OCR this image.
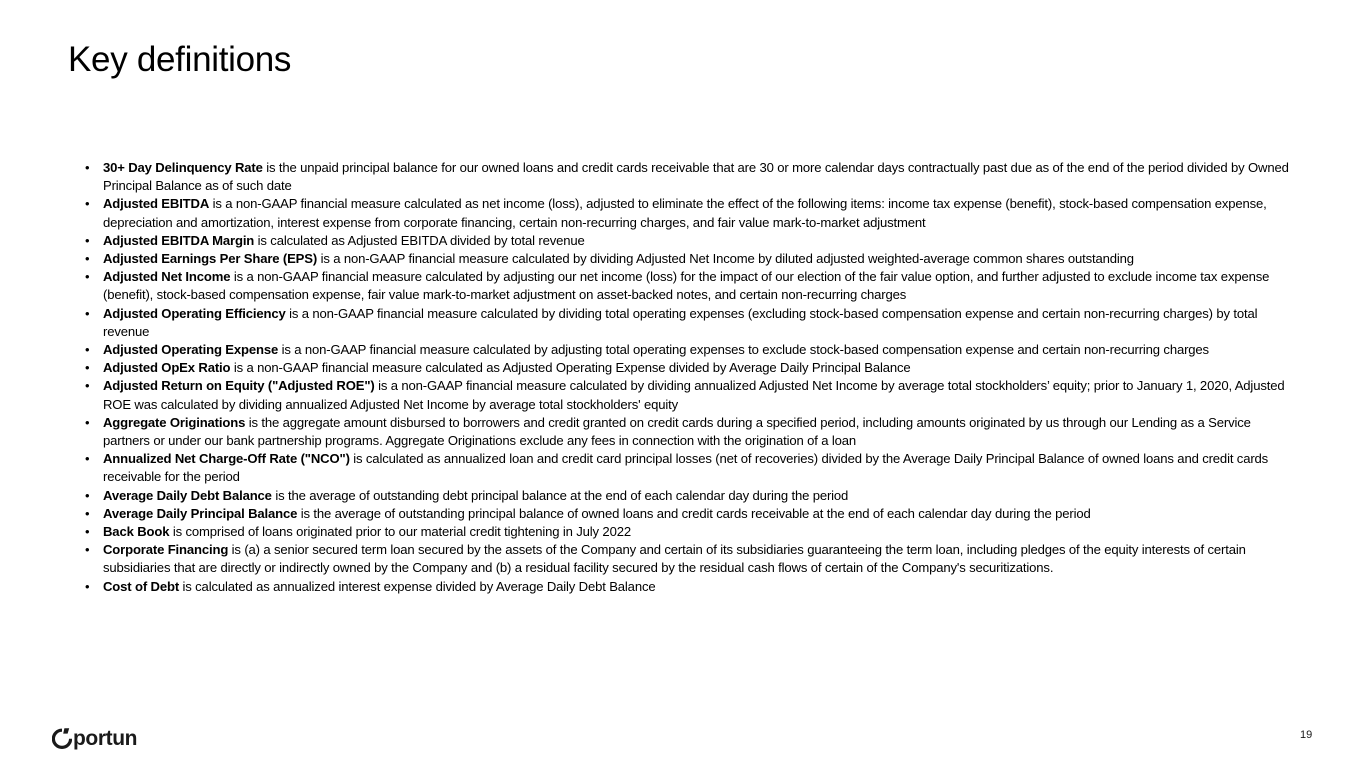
Key definitions
• 30+ Day Delinquency Rate is the unpaid principal balance for our owned loans and credit cards receivable that are 30 or more calendar days contractually past due as of the end of the period divided by Owned Principal Balance as of such date
• Adjusted EBITDA is a non-GAAP financial measure calculated as net income (loss), adjusted to eliminate the effect of the following items: income tax expense (benefit), stock-based compensation expense, depreciation and amortization, interest expense from corporate financing, certain non-recurring charges, and fair value mark-to-market adjustment
• Adjusted EBITDA Margin is calculated as Adjusted EBITDA divided by total revenue
• Adjusted Earnings Per Share (EPS) is a non-GAAP financial measure calculated by dividing Adjusted Net Income by diluted adjusted weighted-average common shares outstanding
• Adjusted Net Income is a non-GAAP financial measure calculated by adjusting our net income (loss) for the impact of our election of the fair value option, and further adjusted to exclude income tax expense (benefit), stock-based compensation expense, fair value mark-to-market adjustment on asset-backed notes, and certain non-recurring charges
• Adjusted Operating Efficiency is a non-GAAP financial measure calculated by dividing total operating expenses (excluding stock-based compensation expense and certain non-recurring charges) by total revenue
• Adjusted Operating Expense is a non-GAAP financial measure calculated by adjusting total operating expenses to exclude stock-based compensation expense and certain non-recurring charges
• Adjusted OpEx Ratio is a non-GAAP financial measure calculated as Adjusted Operating Expense divided by Average Daily Principal Balance
• Adjusted Return on Equity ("Adjusted ROE") is a non-GAAP financial measure calculated by dividing annualized Adjusted Net Income by average total stockholders’ equity; prior to January 1, 2020, Adjusted ROE was calculated by dividing annualized Adjusted Net Income by average total stockholders' equity
• Aggregate Originations is the aggregate amount disbursed to borrowers and credit granted on credit cards during a specified period, including amounts originated by us through our Lending as a Service partners or under our bank partnership programs. Aggregate Originations exclude any fees in connection with the origination of a loan
• Annualized Net Charge-Off Rate ("NCO") is calculated as annualized loan and credit card principal losses (net of recoveries) divided by the Average Daily Principal Balance of owned loans and credit cards receivable for the period
• Average Daily Debt Balance is the average of outstanding debt principal balance at the end of each calendar day during the period
• Average Daily Principal Balance is the average of outstanding principal balance of owned loans and credit cards receivable at the end of each calendar day during the period
• Back Book is comprised of loans originated prior to our material credit tightening in July 2022
• Corporate Financing is (a) a senior secured term loan secured by the assets of the Company and certain of its subsidiaries guaranteeing the term loan, including pledges of the equity interests of certain subsidiaries that are directly or indirectly owned by the Company and (b) a residual facility secured by the residual cash flows of certain of the Company's securitizations.
• Cost of Debt is calculated as annualized interest expense divided by Average Daily Debt Balance
portun	19
